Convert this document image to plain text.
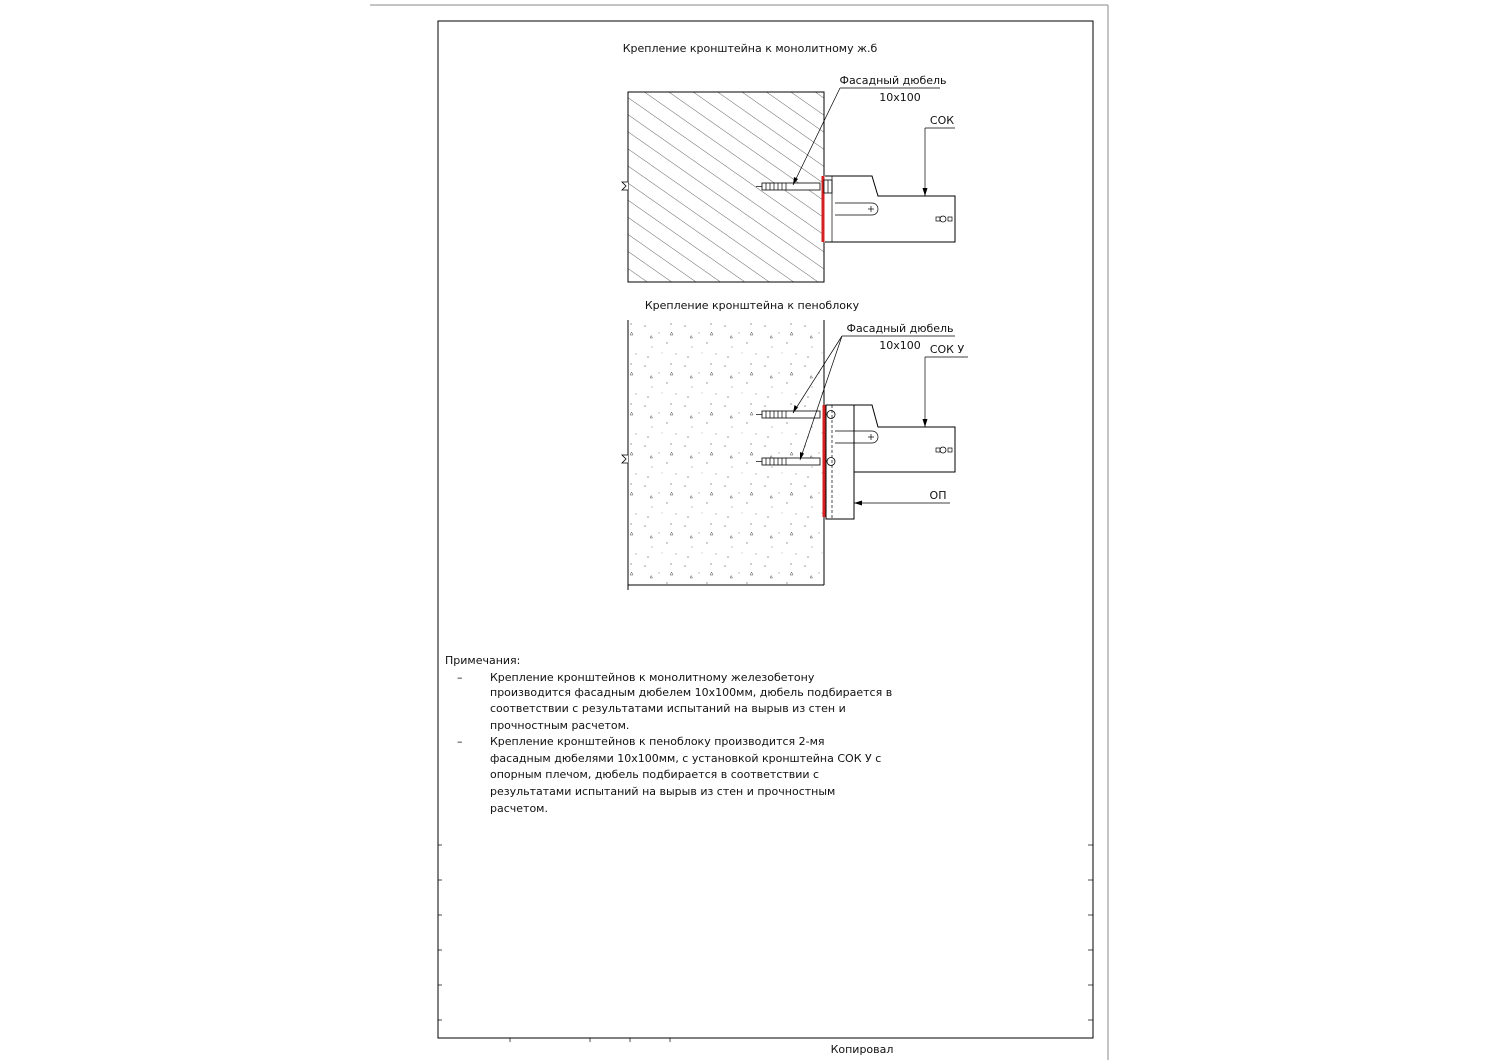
Крепление кронштейна к монолитному ж.б
Фасадный дюбель
10х100
СОК
Крепление кронштейна к пеноблоку
Фасадный дюбель
10х100 СОК У
ОП
Примечания:
–	Крепление кронштейнов к монолитному железобетону
производится фасадным дюбелем 10х100мм, дюбель подбирается в
соответствии с результатами испытаний на вырыв из стен и
прочностным расчетом.
–	Крепление кронштейнов к пеноблоку производится 2-мя
фасадным дюбелями 10х100мм, с установкой кронштейна СОК У с
опорным плечом, дюбель подбирается в соответствии с
результатами испытаний на вырыв из стен и прочностным
расчетом.
Копировал
